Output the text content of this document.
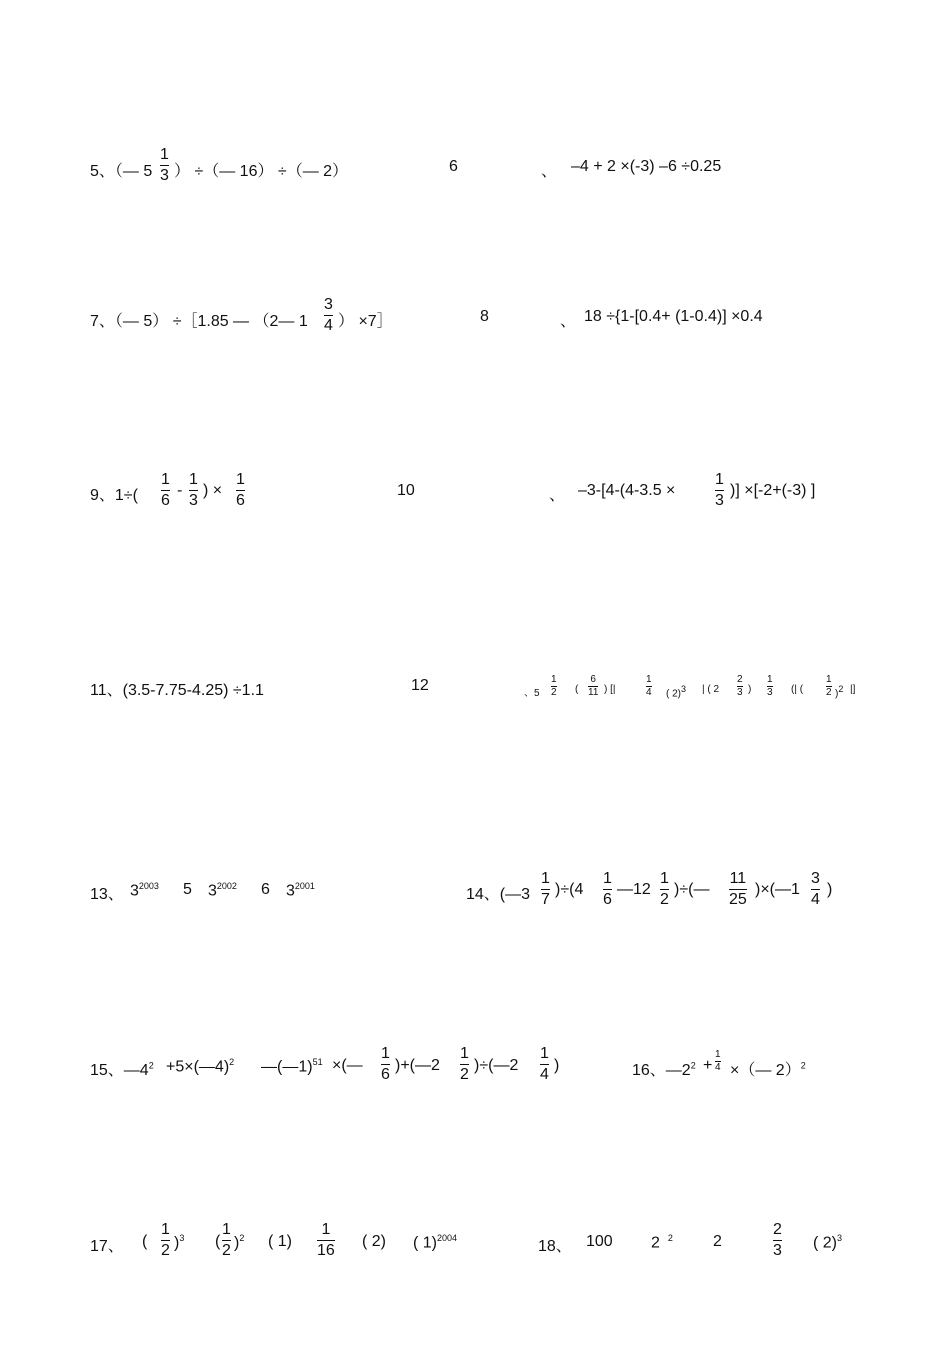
5、（— 5
1
3 ） ÷（— 16） ÷（— 2）	6	、 –4 + 2 ×(-3) –6 ÷0.25
7、（— 5） ÷［1.85 — （2— 1
3
4 ） ×7］	8	、 18 ÷{1-[0.4+ (1-0.4)] ×0.4
9、1÷(
1
6
-
1
3
) ×
1
6
10	、 –3-[4-(4-3.5 ×
1
3
)] ×[-2+(-3) ]
11、(3.5-7.75-4.25) ÷1.1	12	、5
1
2 (
6
11 ) [|
1
4 ( 2)3 | ( 2
2
3 )
1
3 (| (
1
2 )2 |]
13、 $3^{2003}$ 5 $3^{2002}$ 6 $3^{2001}$	14、(—3
1
7
)÷(4
1
6
—12
1
2
)÷(—
11
25
)×(—1
3
4
)
15、$—4^2$ +5×(—4)$^2$ —(—1)$^{51}$ ×(—
1
6
)+(—2
1
2
)÷(—2
1
4
)	16、$—2^2$ +
1
4 ×（— 2）$^2$
17、 (
1
2 )$^3$ (
1
2 )$^2$ ( 1)
1
16
( 2) ( 1)$^{2004}$	18、 100 2 $^2$	2
2
3 ( 2)$^3$
